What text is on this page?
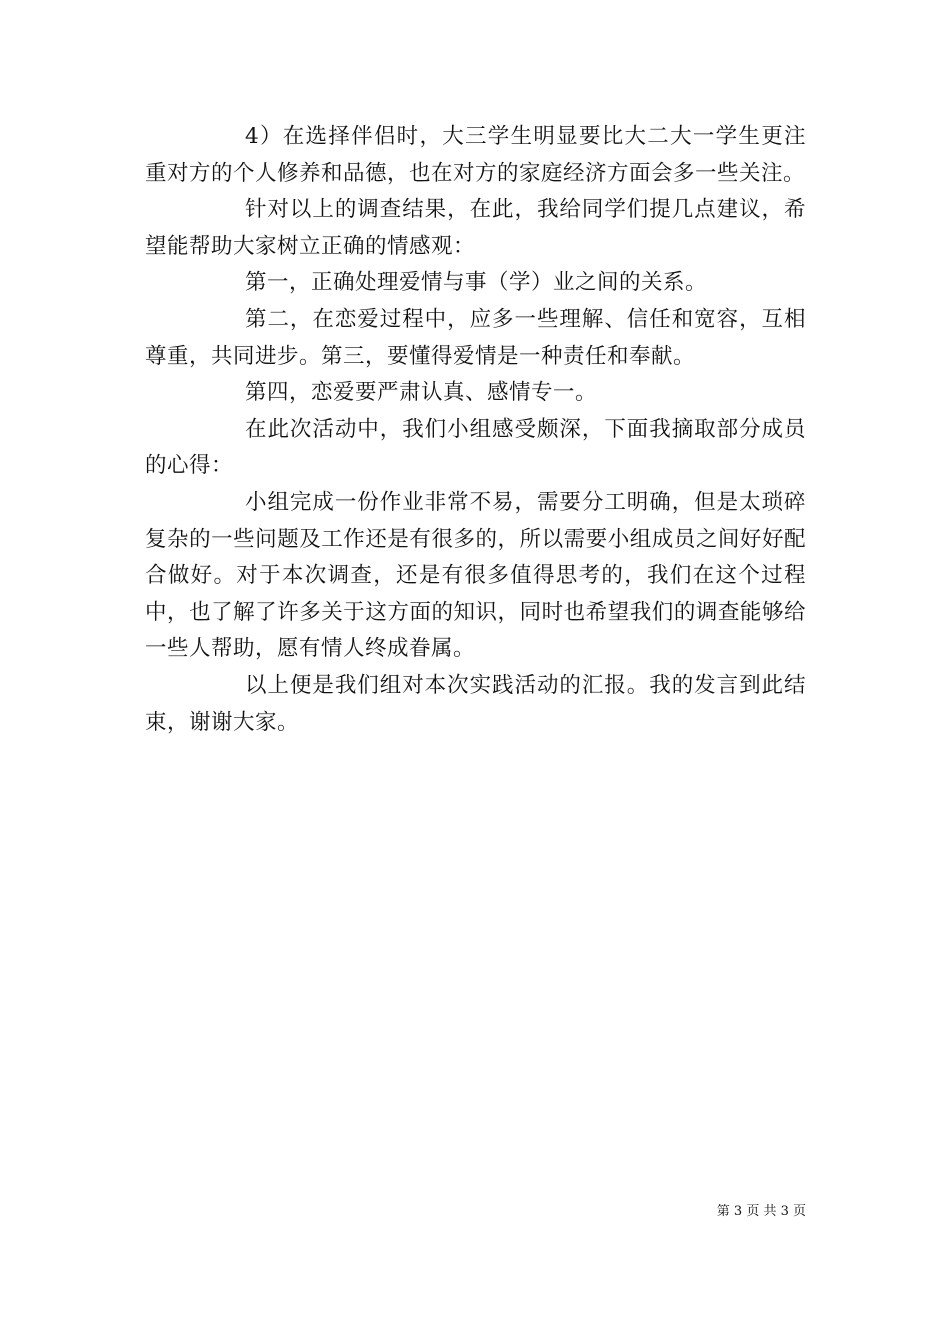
4）在选择伴侣时，大三学生明显要比大二大一学生更注重对方的个人修养和品德，也在对方的家庭经济方面会多一些关注。

针对以上的调查结果，在此，我给同学们提几点建议，希望能帮助大家树立正确的情感观：

第一，正确处理爱情与事（学）业之间的关系。

第二，在恋爱过程中，应多一些理解、信任和宽容，互相尊重，共同进步。第三，要懂得爱情是一种责任和奉献。

第四，恋爱要严肃认真、感情专一。

在此次活动中，我们小组感受颇深，下面我摘取部分成员的心得：

小组完成一份作业非常不易，需要分工明确，但是太琐碎复杂的一些问题及工作还是有很多的，所以需要小组成员之间好好配合做好。对于本次调查，还是有很多值得思考的，我们在这个过程中，也了解了许多关于这方面的知识，同时也希望我们的调查能够给一些人帮助，愿有情人终成眷属。

以上便是我们组对本次实践活动的汇报。我的发言到此结束，谢谢大家。

第 3 页 共 3 页
